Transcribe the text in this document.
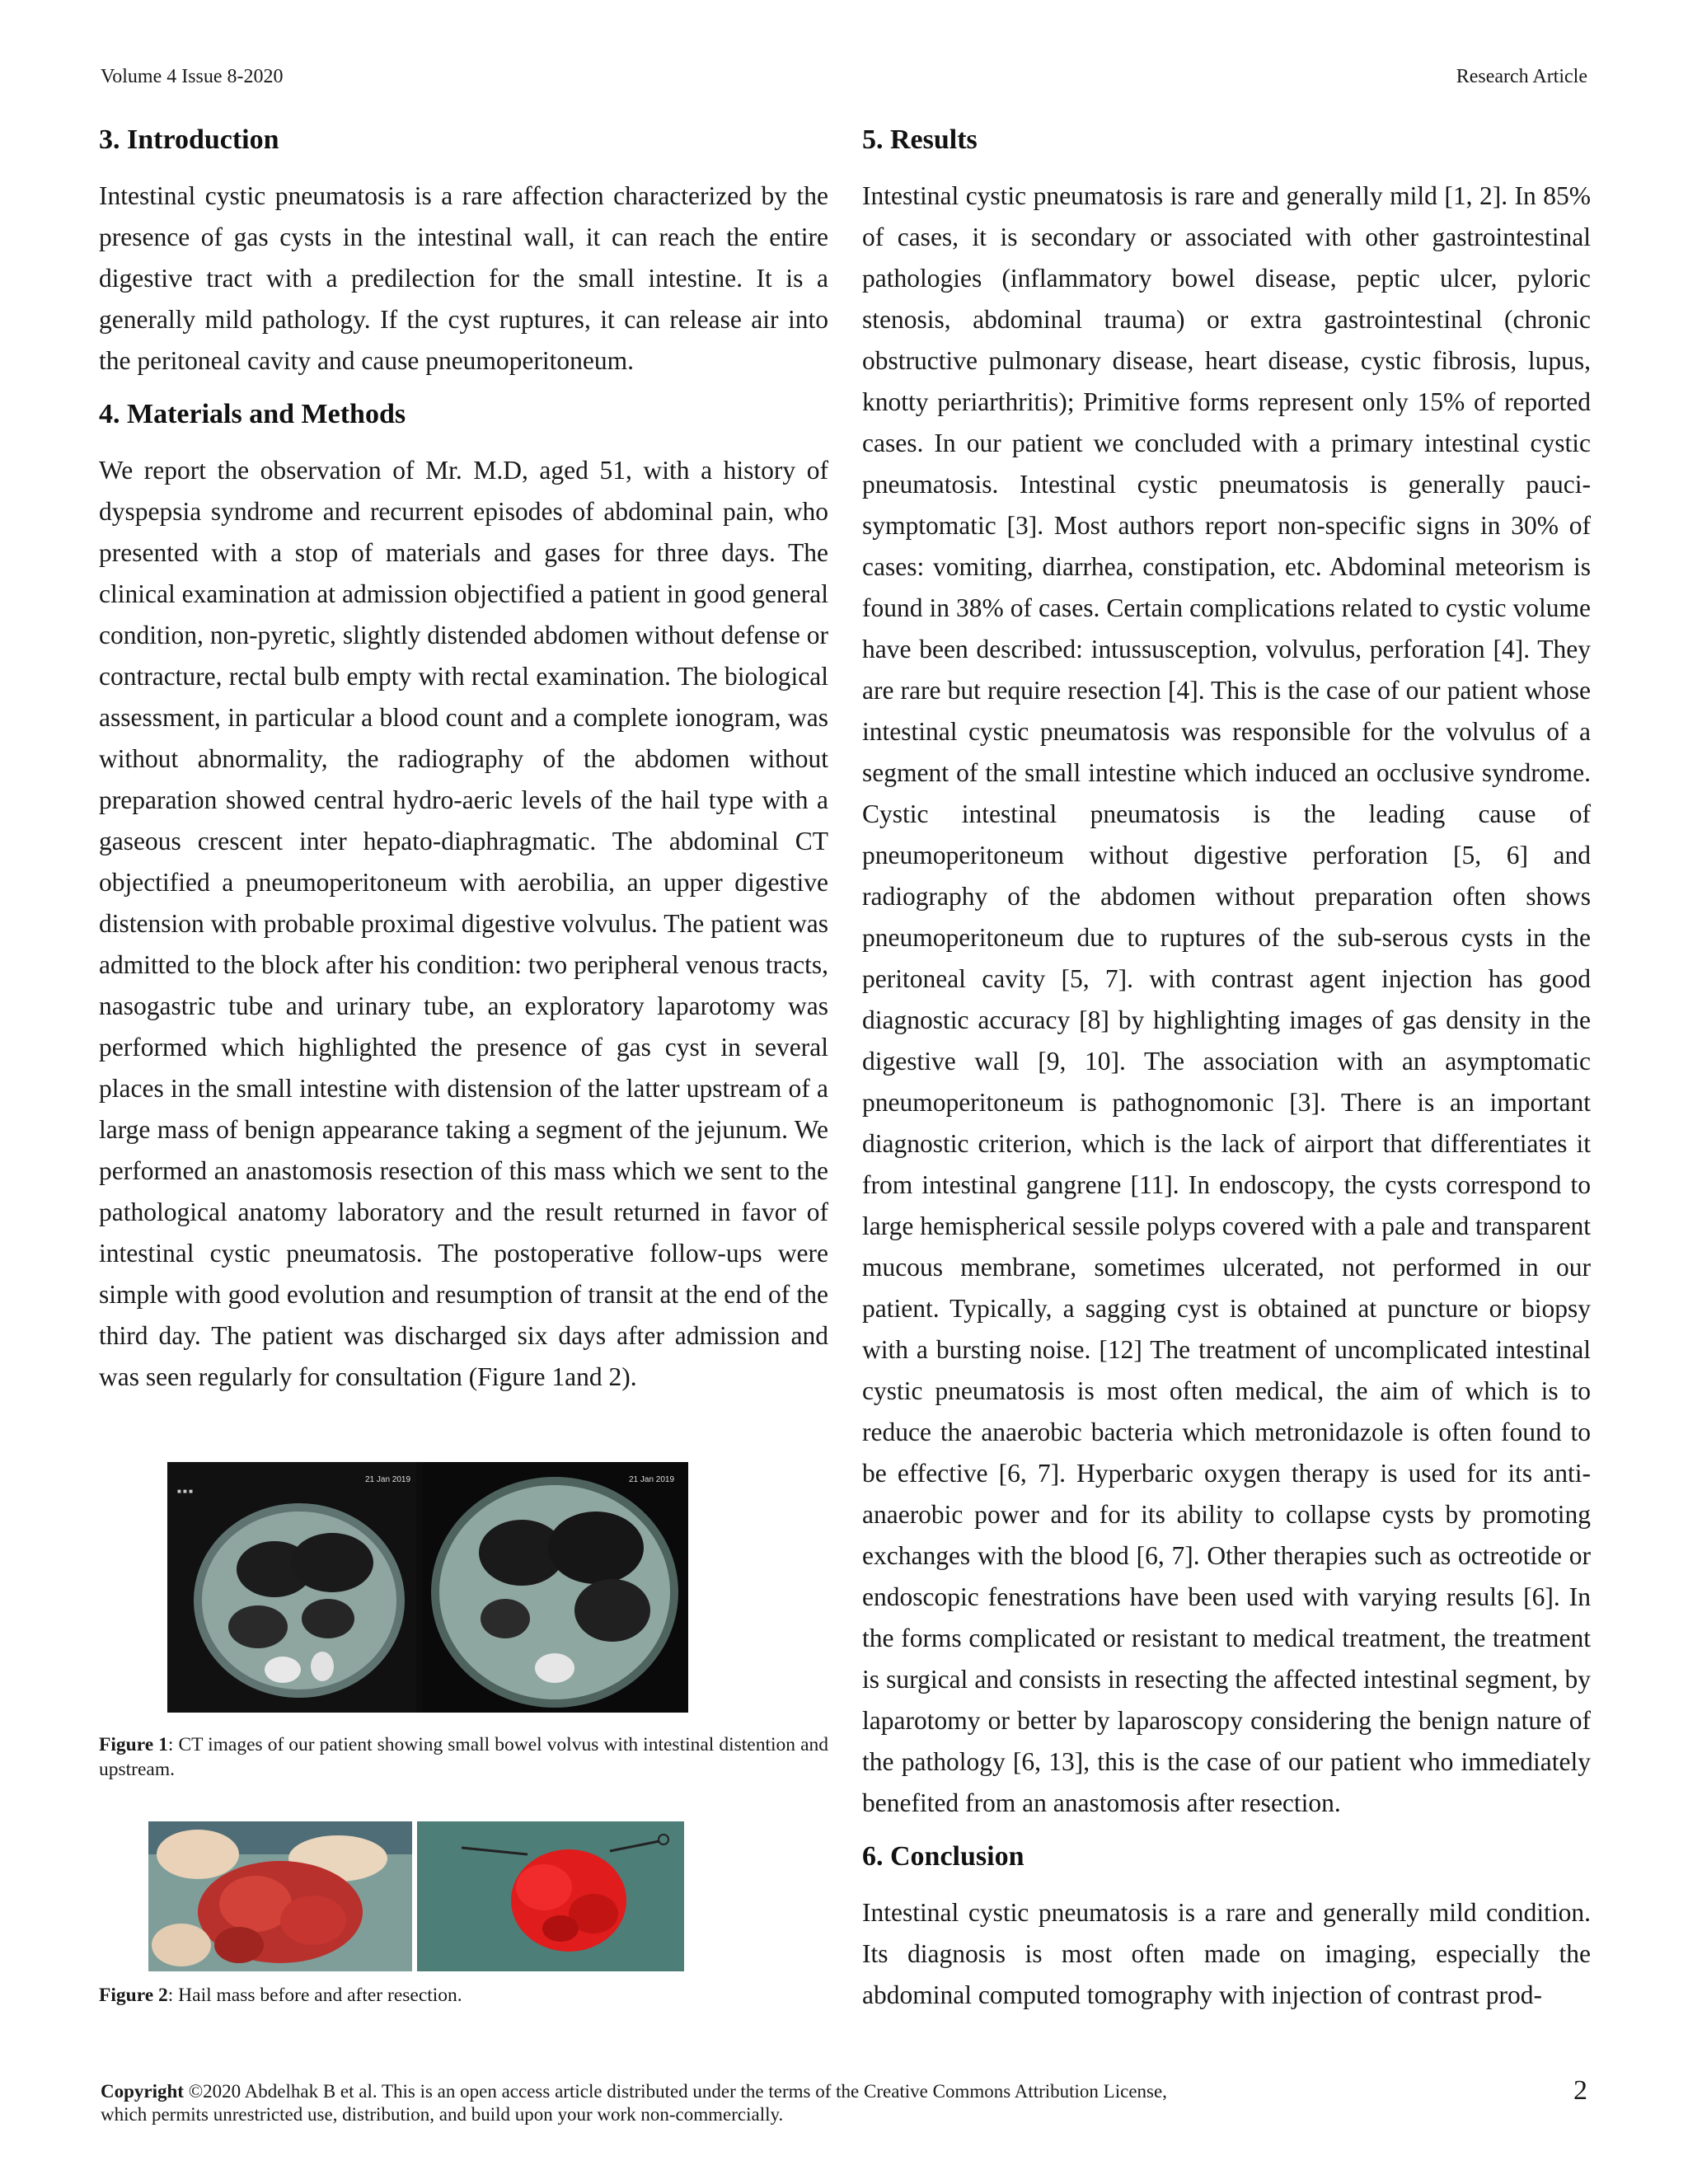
Volume 4 Issue 8-2020	Research Article
3. Introduction

Intestinal cystic pneumatosis is a rare affection characterized by the presence of gas cysts in the intestinal wall, it can reach the entire digestive tract with a predilection for the small intestine. It is a generally mild pathology. If the cyst ruptures, it can release air into the peritoneal cavity and cause pneumoperitoneum.

4. Materials and Methods

We report the observation of Mr. M.D, aged 51, with a history of dyspepsia syndrome and recurrent episodes of abdominal pain, who presented with a stop of materials and gases for three days. The clinical examination at admission objectified a patient in good general condition, non-pyretic, slightly distended abdomen without defense or contracture, rectal bulb empty with rectal examination. The biological assessment, in particular a blood count and a complete ionogram, was without abnormality, the radiography of the abdomen without preparation showed central hydro-aeric levels of the hail type with a gaseous crescent inter hepato-diaphragmatic. The abdominal CT objectified a pneumoperitoneum with aerobilia, an upper digestive distension with probable proximal digestive volvulus. The patient was admitted to the block after his condition: two peripheral venous tracts, nasogastric tube and urinary tube, an exploratory laparotomy was performed which highlighted the presence of gas cyst in several places in the small intestine with distension of the latter upstream of a large mass of benign appearance taking a segment of the jejunum. We performed an anastomosis resection of this mass which we sent to the pathological anatomy laboratory and the result returned in favor of intestinal cystic pneumatosis. The postoperative follow-ups were simple with good evolution and resumption of transit at the end of the third day. The patient was discharged six days after admission and was seen regularly for consultation (Figure 1and 2).

21 Jan 2019
■ ■ ■
21 Jan 2019
Figure 1: CT images of our patient showing small bowel volvus with intestinal distention and upstream.
Figure 2: Hail mass before and after resection.
5. Results

Intestinal cystic pneumatosis is rare and generally mild [1, 2]. In 85% of cases, it is secondary or associated with other gastrointestinal pathologies (inflammatory bowel disease, peptic ulcer, pyloric stenosis, abdominal trauma) or extra gastrointestinal (chronic obstructive pulmonary disease, heart disease, cystic fibrosis, lupus, knotty periarthritis); Primitive forms represent only 15% of reported cases. In our patient we concluded with a primary intestinal cystic pneumatosis. Intestinal cystic pneumatosis is generally pauci-symptomatic [3]. Most authors report non-specific signs in 30% of cases: vomiting, diarrhea, constipation, etc. Abdominal meteorism is found in 38% of cases. Certain complications related to cystic volume have been described: intussusception, volvulus, perforation [4]. They are rare but require resection [4]. This is the case of our patient whose intestinal cystic pneumatosis was responsible for the volvulus of a segment of the small intestine which induced an occlusive syndrome. Cystic intestinal pneumatosis is the leading cause of pneumoperitoneum without digestive perforation [5, 6] and radiography of the abdomen without preparation often shows pneumoperitoneum due to ruptures of the sub-serous cysts in the peritoneal cavity [5, 7]. with contrast agent injection has good diagnostic accuracy [8] by highlighting images of gas density in the digestive wall [9, 10]. The association with an asymptomatic pneumoperitoneum is pathognomonic [3]. There is an important diagnostic criterion, which is the lack of airport that differentiates it from intestinal gangrene [11]. In endoscopy, the cysts correspond to large hemispherical sessile polyps covered with a pale and transparent mucous membrane, sometimes ulcerated, not performed in our patient. Typically, a sagging cyst is obtained at puncture or biopsy with a bursting noise. [12] The treatment of uncomplicated intestinal cystic pneumatosis is most often medical, the aim of which is to reduce the anaerobic bacteria which metronidazole is often found to be effective [6, 7]. Hyperbaric oxygen therapy is used for its anti-anaerobic power and for its ability to collapse cysts by promoting exchanges with the blood [6, 7]. Other therapies such as octreotide or endoscopic fenestrations have been used with varying results [6]. In the forms complicated or resistant to medical treatment, the treatment is surgical and consists in resecting the affected intestinal segment, by laparotomy or better by laparoscopy considering the benign nature of the pathology [6, 13], this is the case of our patient who immediately benefited from an anastomosis after resection.

6. Conclusion

Intestinal cystic pneumatosis is a rare and generally mild condition. Its diagnosis is most often made on imaging, especially the abdominal computed tomography with injection of contrast prod-

Copyright ©2020 Abdelhak B et al. This is an open access article distributed under the terms of the Creative Commons Attribution License, which permits unrestricted use, distribution, and build upon your work non-commercially.
2
